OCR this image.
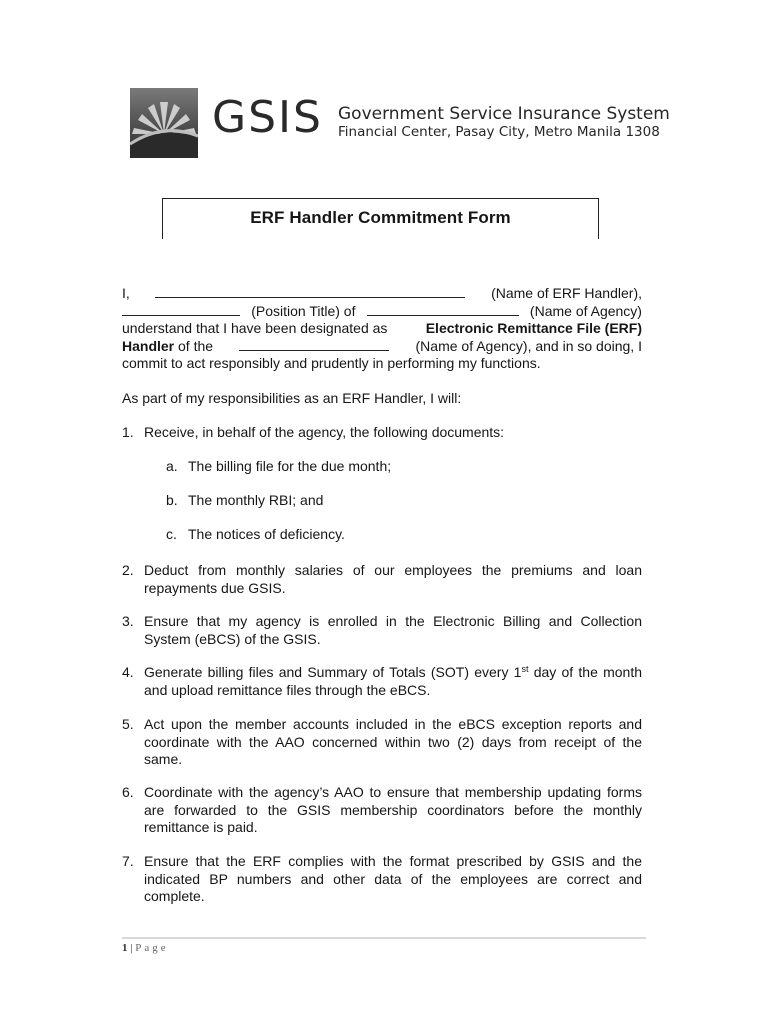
GSIS Government Service Insurance System
Financial Center, Pasay City, Metro Manila 1308
ERF Handler Commitment Form
I,	(Name of ERF Handler),
(Position Title) of	(Name of Agency)
understand that I have been designated as	Electronic Remittance File (ERF)
Handler of the	(Name of Agency), and in so doing, I
commit to act responsibly and prudently in performing my functions.
As part of my responsibilities as an ERF Handler, I will:
1. Receive, in behalf of the agency, the following documents:
a. The billing file for the due month;
b. The monthly RBI; and
c. The notices of deficiency.
2. Deduct from monthly salaries of our employees the premiums and loan repayments due GSIS.
3. Ensure that my agency is enrolled in the Electronic Billing and Collection System (eBCS) of the GSIS.
4. Generate billing files and Summary of Totals (SOT) every 1st day of the month and upload remittance files through the eBCS.
5. Act upon the member accounts included in the eBCS exception reports and coordinate with the AAO concerned within two (2) days from receipt of the same.
6. Coordinate with the agency’s AAO to ensure that membership updating forms are forwarded to the GSIS membership coordinators before the monthly remittance is paid.
7. Ensure that the ERF complies with the format prescribed by GSIS and the indicated BP numbers and other data of the employees are correct and complete.
1 | Page
